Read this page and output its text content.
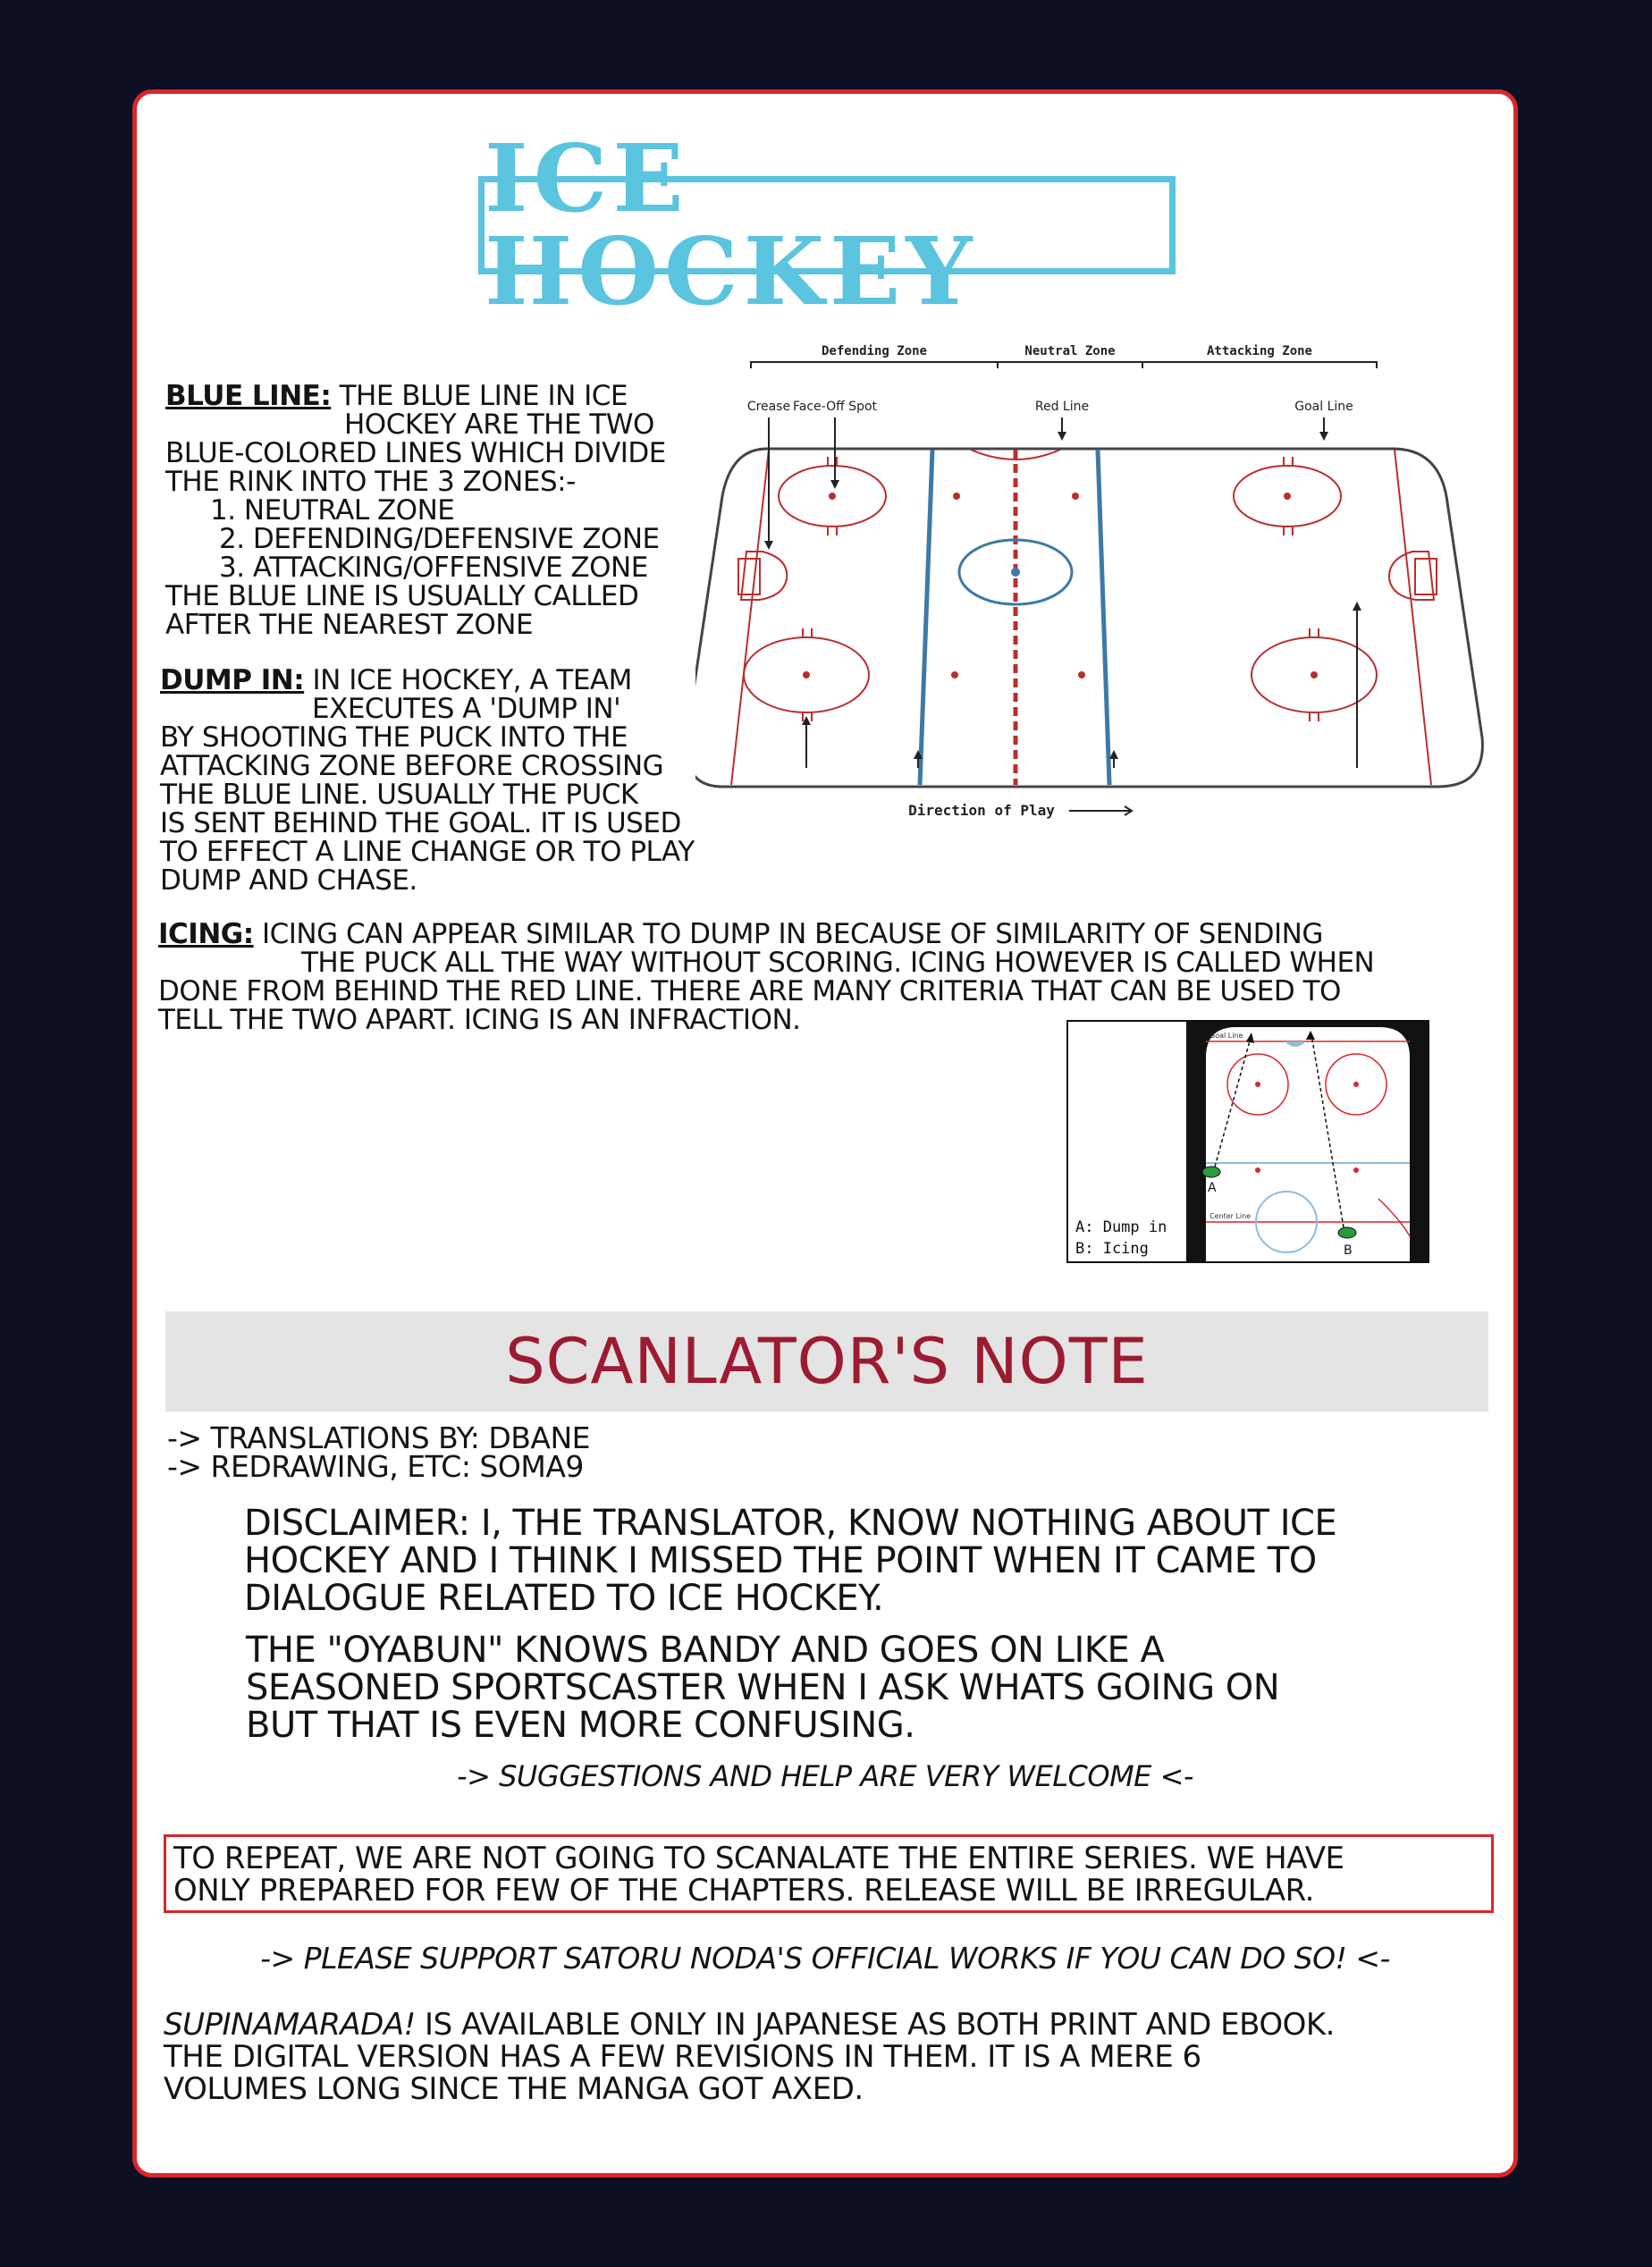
ICE HOCKEY
BLUE LINE: THE BLUE LINE IN ICE
HOCKEY ARE THE TWO
BLUE-COLORED LINES WHICH DIVIDE
THE RINK INTO THE 3 ZONES:-
1. NEUTRAL ZONE
2. DEFENDING/DEFENSIVE ZONE
3. ATTACKING/OFFENSIVE ZONE
THE BLUE LINE IS USUALLY CALLED
AFTER THE NEAREST ZONE
DUMP IN: IN ICE HOCKEY, A TEAM
EXECUTES A 'DUMP IN'
BY SHOOTING THE PUCK INTO THE
ATTACKING ZONE BEFORE CROSSING
THE BLUE LINE. USUALLY THE PUCK
IS SENT BEHIND THE GOAL. IT IS USED
TO EFFECT A LINE CHANGE OR TO PLAY
DUMP AND CHASE.
Defending Zone	Neutral Zone	Attacking Zone
Crease Face-Off Spot	Red Line	Goal Line
Direction of Play
ICING: ICING CAN APPEAR SIMILAR TO DUMP IN BECAUSE OF SIMILARITY OF SENDING
THE PUCK ALL THE WAY WITHOUT SCORING. ICING HOWEVER IS CALLED WHEN
DONE FROM BEHIND THE RED LINE. THERE ARE MANY CRITERIA THAT CAN BE USED TO
TELL THE TWO APART. ICING IS AN INFRACTION.
A: Dump in
B: Icing
Goal Line
Center Line
A
B
SCANLATOR'S NOTE
-> TRANSLATIONS BY: DBANE
-> REDRAWING, ETC: SOMA9
DISCLAIMER: I, THE TRANSLATOR, KNOW NOTHING ABOUT ICE
HOCKEY AND I THINK I MISSED THE POINT WHEN IT CAME TO
DIALOGUE RELATED TO ICE HOCKEY.
THE "OYABUN" KNOWS BANDY AND GOES ON LIKE A
SEASONED SPORTSCASTER WHEN I ASK WHATS GOING ON
BUT THAT IS EVEN MORE CONFUSING.
-> SUGGESTIONS AND HELP ARE VERY WELCOME <-
TO REPEAT, WE ARE NOT GOING TO SCANALATE THE ENTIRE SERIES. WE HAVE
ONLY PREPARED FOR FEW OF THE CHAPTERS. RELEASE WILL BE IRREGULAR.
-> PLEASE SUPPORT SATORU NODA'S OFFICIAL WORKS IF YOU CAN DO SO! <-
SUPINAMARADA! IS AVAILABLE ONLY IN JAPANESE AS BOTH PRINT AND EBOOK.
THE DIGITAL VERSION HAS A FEW REVISIONS IN THEM. IT IS A MERE 6
VOLUMES LONG SINCE THE MANGA GOT AXED.
